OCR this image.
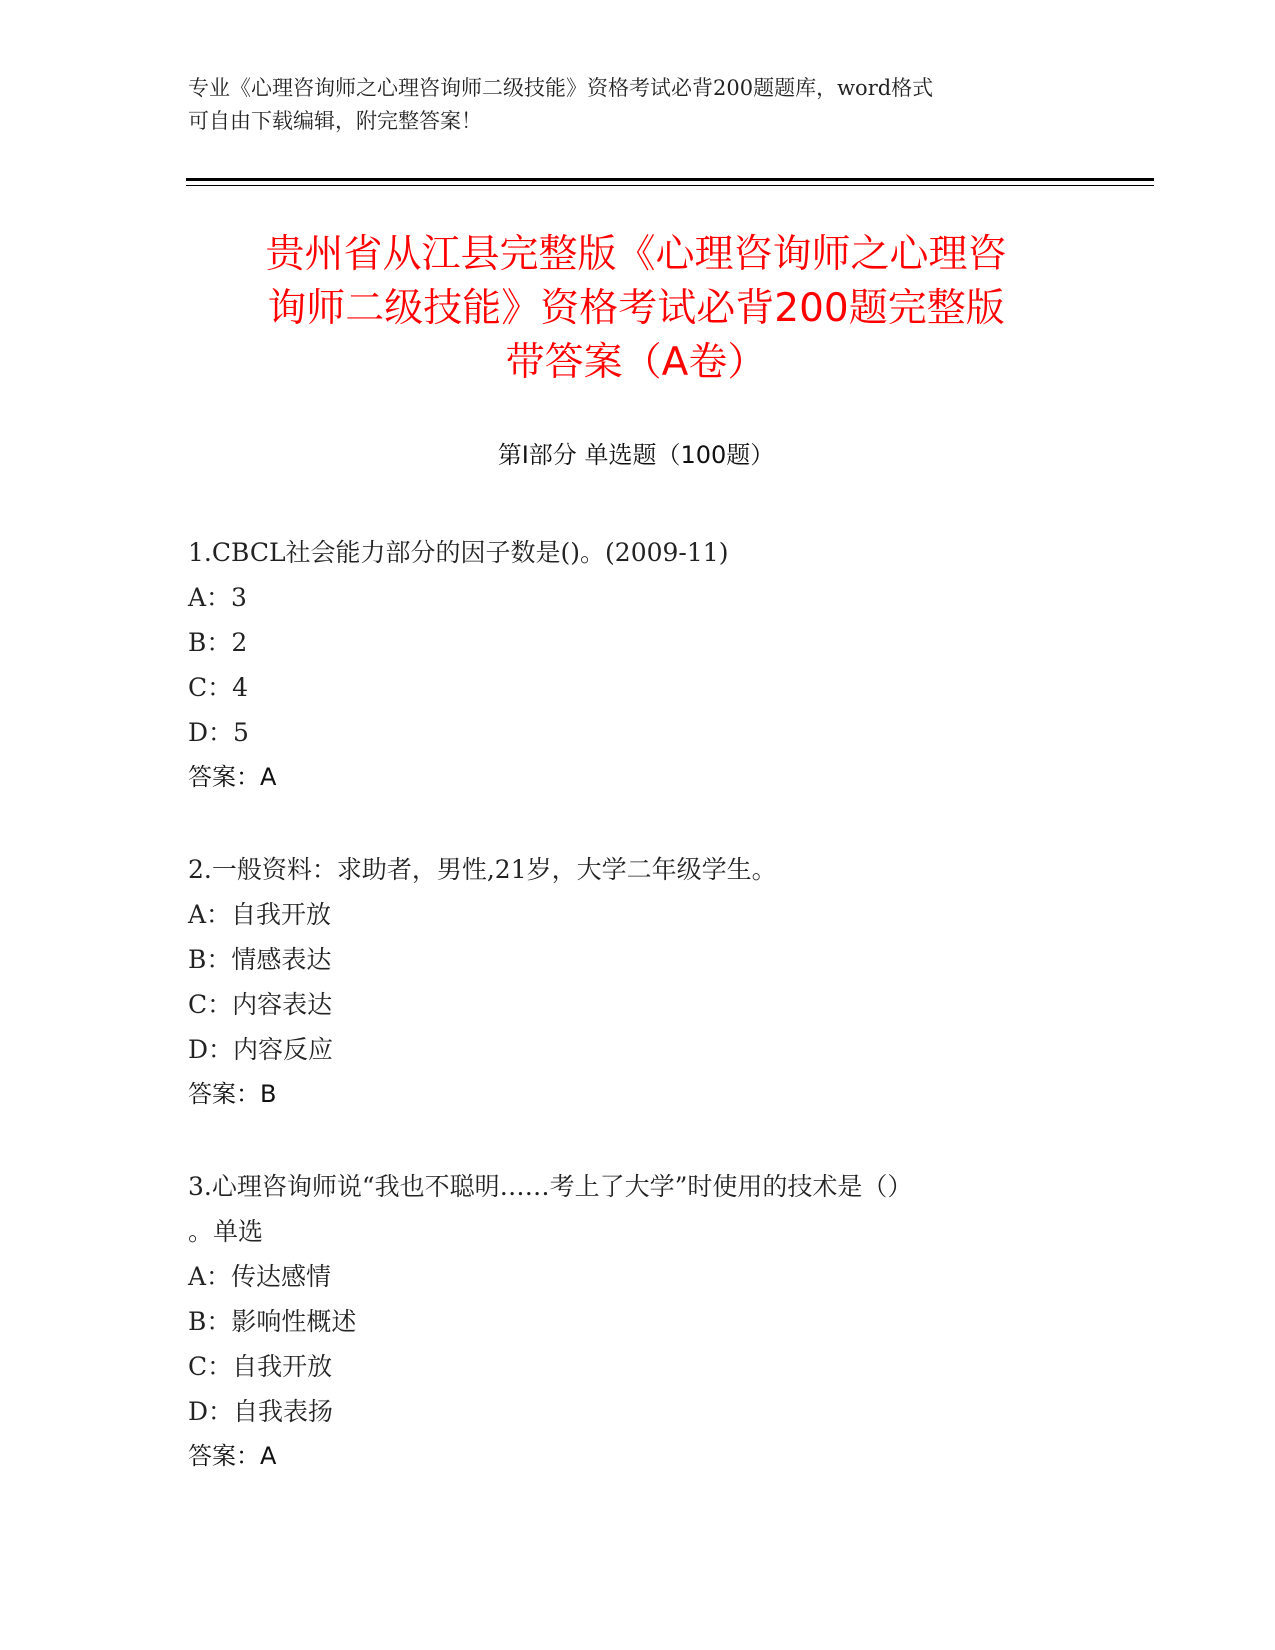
专业《心理咨询师之心理咨询师二级技能》资格考试必背200题题库，word格式
可自由下载编辑，附完整答案！
贵州省从江县完整版《心理咨询师之心理咨
询师二级技能》资格考试必背200题完整版
带答案（A卷）
第Ⅰ部分 单选题（100题）
1.CBCL社会能力部分的因子数是()。(2009-11)
A：3
B：2
C：4
D：5
答案：A
2.一般资料：求助者，男性,21岁，大学二年级学生。
A：自我开放
B：情感表达
C：内容表达
D：内容反应
答案：B
3.心理咨询师说“我也不聪明……考上了大学”时使用的技术是（）
。单选
A：传达感情
B：影响性概述
C：自我开放
D：自我表扬
答案：A
